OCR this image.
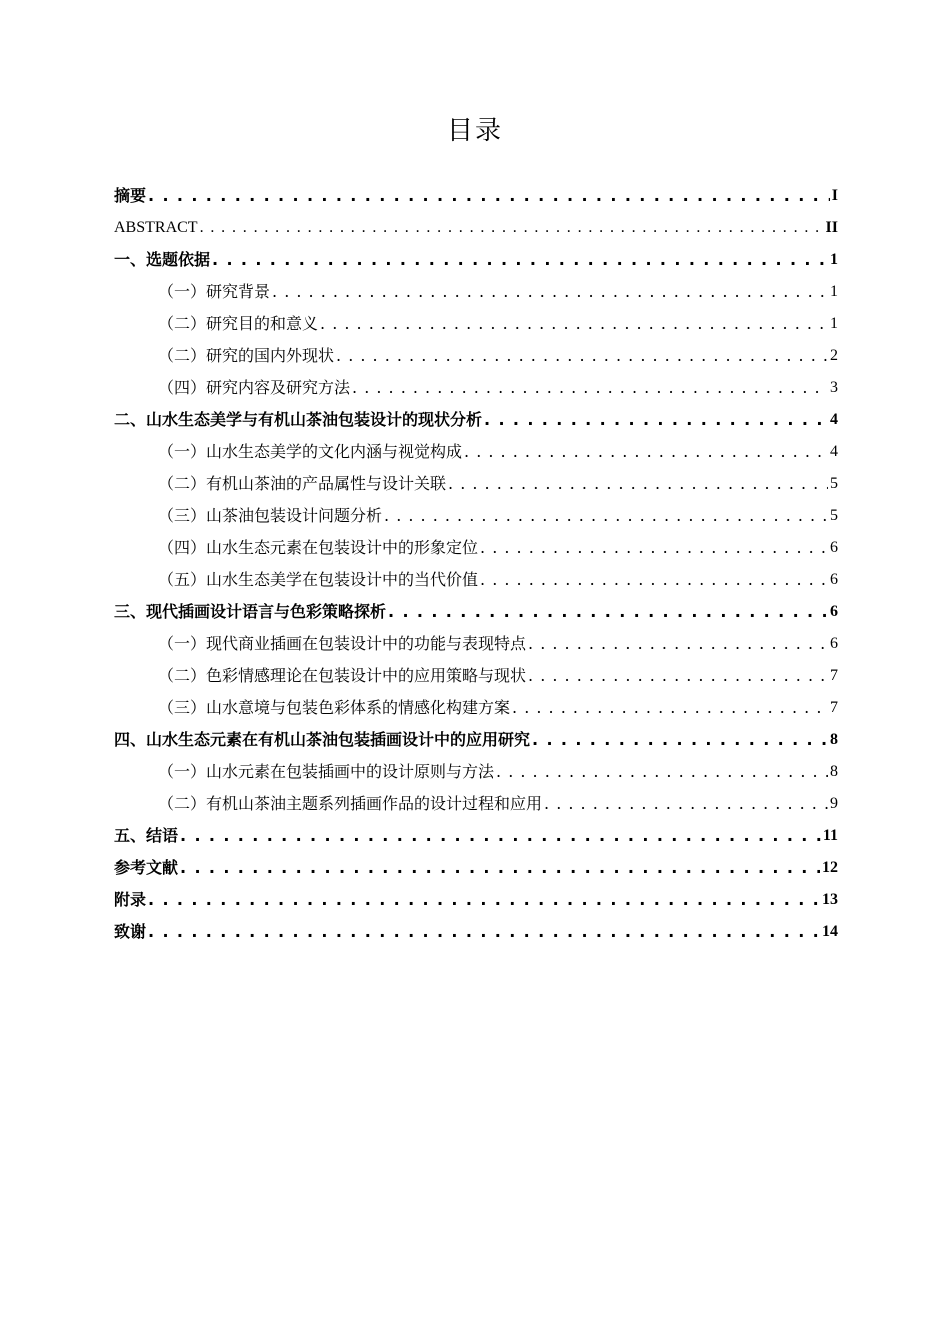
目录
摘要 . . .	I
ABSTRACT . . .	II
一、选题依据 . . .	1
（一）研究背景 . . .	1
（二）研究目的和意义 . . .	1
（二）研究的国内外现状 . . .	2
（四）研究内容及研究方法 . . .	3
二、山水生态美学与有机山茶油包装设计的现状分析 . . .	4
（一）山水生态美学的文化内涵与视觉构成 . . .	4
（二）有机山茶油的产品属性与设计关联 . . .	5
（三）山茶油包装设计问题分析 . . .	5
（四）山水生态元素在包装设计中的形象定位 . . .	6
（五）山水生态美学在包装设计中的当代价值 . . .	6
三、现代插画设计语言与色彩策略探析 . . .	6
（一）现代商业插画在包装设计中的功能与表现特点 . . .	6
（二）色彩情感理论在包装设计中的应用策略与现状 . . .	7
（三）山水意境与包装色彩体系的情感化构建方案 . . .	7
四、山水生态元素在有机山茶油包装插画设计中的应用研究 . . .	8
（一）山水元素在包装插画中的设计原则与方法 . . .	8
（二）有机山茶油主题系列插画作品的设计过程和应用 . . .	9
五、结语 . . .	11
参考文献 . . .	12
附录 . . .	13
致谢 . . .	14
